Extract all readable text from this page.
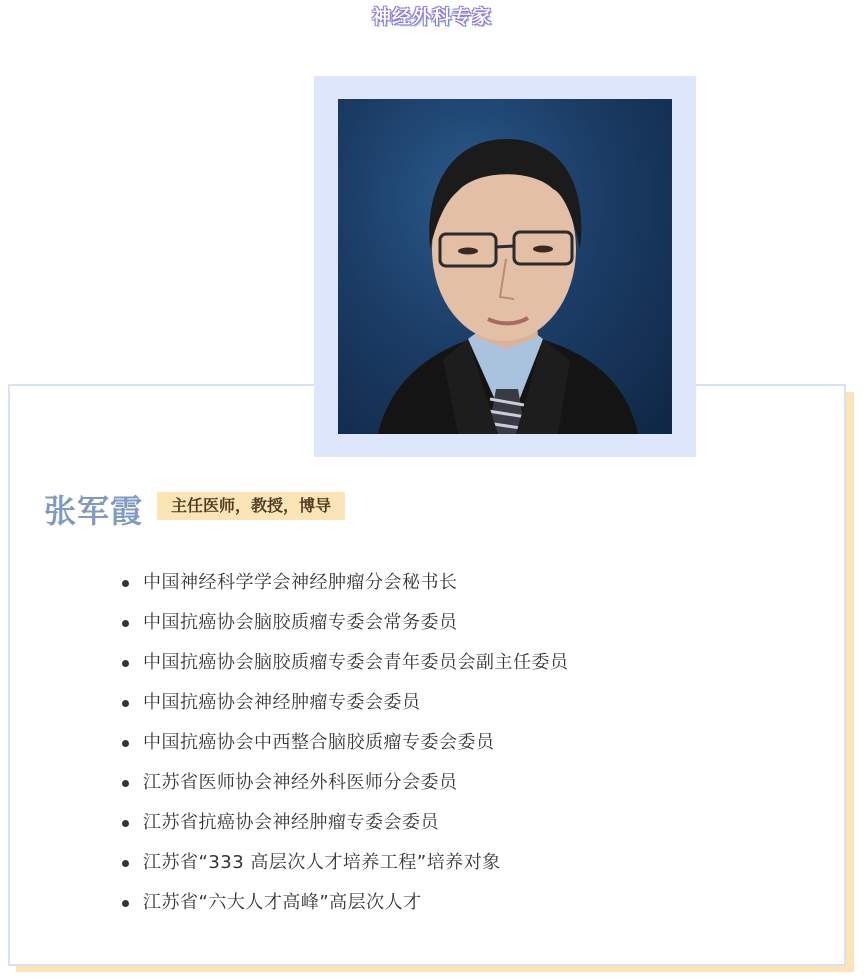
神经外科专家
张军霞	主任医师，教授，博导
中国神经科学学会神经肿瘤分会秘书长
中国抗癌协会脑胶质瘤专委会常务委员
中国抗癌协会脑胶质瘤专委会青年委员会副主任委员
中国抗癌协会神经肿瘤专委会委员
中国抗癌协会中西整合脑胶质瘤专委会委员
江苏省医师协会神经外科医师分会委员
江苏省抗癌协会神经肿瘤专委会委员
江苏省“333 高层次人才培养工程”培养对象
江苏省“六大人才高峰”高层次人才
